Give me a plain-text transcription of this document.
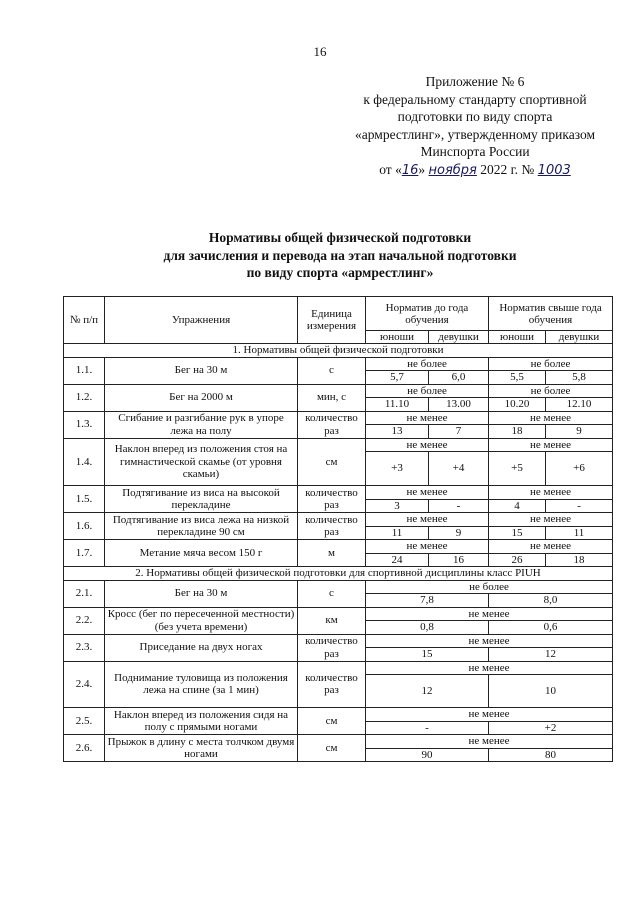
16
Приложение № 6
к федеральному стандарту спортивной
подготовки по виду спорта
«армрестлинг», утвержденному приказом
Минспорта России
от «16» ноября 2022 г. № 1003
Нормативы общей физической подготовки
для зачисления и перевода на этап начальной подготовки
по виду спорта «армрестлинг»
№ п/п	Упражнения	Единица измерения	Норматив до года обучения		Норматив свыше года обучения	
			юноши	девушки	юноши	девушки
1. Нормативы общей физической подготовки						
1.1.	Бег на 30 м	с	не более		не более	
			5,7	6,0	5,5	5,8
1.2.	Бег на 2000 м	мин, с	не более		не более	
			11.10	13.00	10.20	12.10
1.3.	Сгибание и разгибание рук в упоре лежа на полу	количество раз	не менее		не менее	
			13	7	18	9
1.4.	Наклон вперед из положения стоя на гимнастической скамье (от уровня скамьи)	см	не менее		не менее	
			+3	+4	+5	+6
1.5.	Подтягивание из виса на высокой перекладине	количество раз	не менее		не менее	
			3	-	4	-
1.6.	Подтягивание из виса лежа на низкой перекладине 90 см	количество раз	не менее		не менее	
			11	9	15	11
1.7.	Метание мяча весом 150 г	м	не менее		не менее	
			24	16	26	18
2. Нормативы общей физической подготовки для спортивной дисциплины класс PIUH						
2.1.	Бег на 30 м	с	не более			
			7,8		8,0	
2.2.	Кросс (бег по пересеченной местности) (без учета времени)	км	не менее			
			0,8		0,6	
2.3.	Приседание на двух ногах	количество раз	не менее			
			15		12	
2.4.	Поднимание туловища из положения лежа на спине (за 1 мин)	количество раз	не менее			
			12		10	
2.5.	Наклон вперед из положения сидя на полу с прямыми ногами	см	не менее			
			-		+2	
2.6.	Прыжок в длину с места толчком двумя ногами	см	не менее			
			90		80	
